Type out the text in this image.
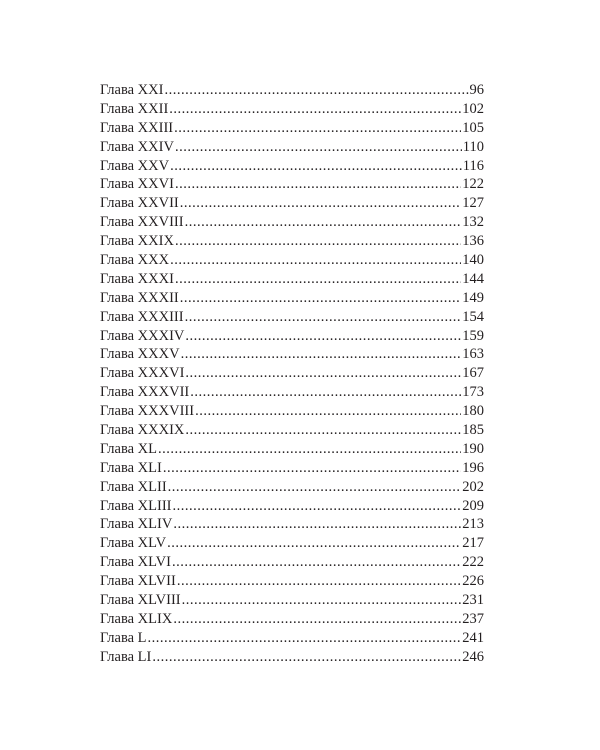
Глава XXI .....	96
Глава XXII .....	102
Глава XXIII .....	105
Глава XXIV .....	110
Глава XXV .....	116
Глава XXVI .....	122
Глава XXVII .....	127
Глава XXVIII .....	132
Глава XXIX .....	136
Глава XXX .....	140
Глава XXXI .....	144
Глава XXXII .....	149
Глава XXXIII .....	154
Глава XXXIV .....	159
Глава XXXV .....	163
Глава XXXVI .....	167
Глава XXXVII .....	173
Глава XXXVIII .....	180
Глава XXXIX .....	185
Глава XL .....	190
Глава XLI .....	196
Глава XLII .....	202
Глава XLIII .....	209
Глава XLIV .....	213
Глава XLV .....	217
Глава XLVI .....	222
Глава XLVII .....	226
Глава XLVIII .....	231
Глава XLIX .....	237
Глава L .....	241
Глава LI .....	246
